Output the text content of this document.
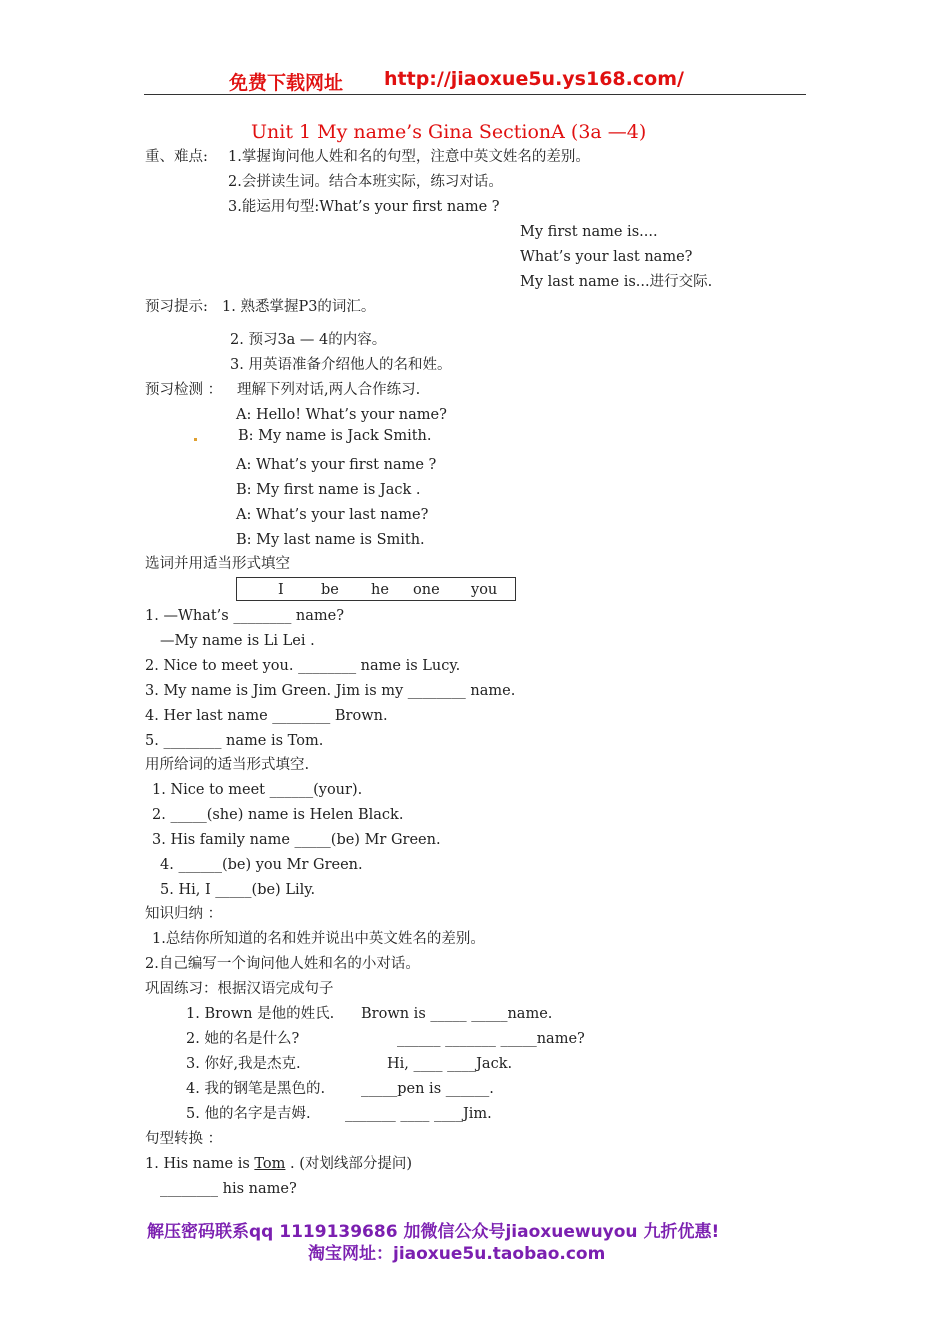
免费下载网址 http://jiaoxue5u.ys168.com/
Unit 1 My name’s Gina SectionA (3a —4)
重、难点: 1.掌握询问他人姓和名的句型，注意中英文姓名的差别。
2.会拼读生词。结合本班实际，练习对话。
3.能运用句型:What’s your first name ?
My first name is....
What’s your last name?
My last name is...进行交际.
预习提示: 1. 熟悉掌握P3的词汇。
2. 预习3a — 4的内容。
3. 用英语准备介绍他人的名和姓。
预习检测 ： 理解下列对话,两人合作练习.
A: Hello! What’s your name?
B: My name is Jack Smith.
A: What’s your first name ?
B: My first name is Jack .
A: What’s your last name?
B: My last name is Smith.
选词并用适当形式填空
I	be he one you
1. —What’s ________ name?
—My name is Li Lei .
2. Nice to meet you. ________ name is Lucy.
3. My name is Jim Green. Jim is my ________ name.
4. Her last name ________ Brown.
5. ________ name is Tom.
用所给词的适当形式填空.
1. Nice to meet ______(your).
2. _____(she) name is Helen Black.
3. His family name _____(be) Mr Green.
4. ______(be) you Mr Green.
5. Hi, I _____(be) Lily.
知识归纳 ：
1.总结你所知道的名和姓并说出中英文姓名的差别。
2.自己编写一个询问他人姓和名的小对话。
巩固练习：根据汉语完成句子
1. Brown 是他的姓氏. Brown is _____ _____name.
2. 她的名是什么?	______ _______ _____name?
3. 你好,我是杰克.	Hi, ____ ____Jack.
4. 我的钢笔是黑色的. _____pen is ______.
5. 他的名字是吉姆. _______ ____ ____Jim.
句型转换 ：
1. His name is Tom . (对划线部分提问)
________ his name?
解压密码联系qq 1119139686 加微信公众号jiaoxuewuyou 九折优惠!
淘宝网址：jiaoxue5u.taobao.com
